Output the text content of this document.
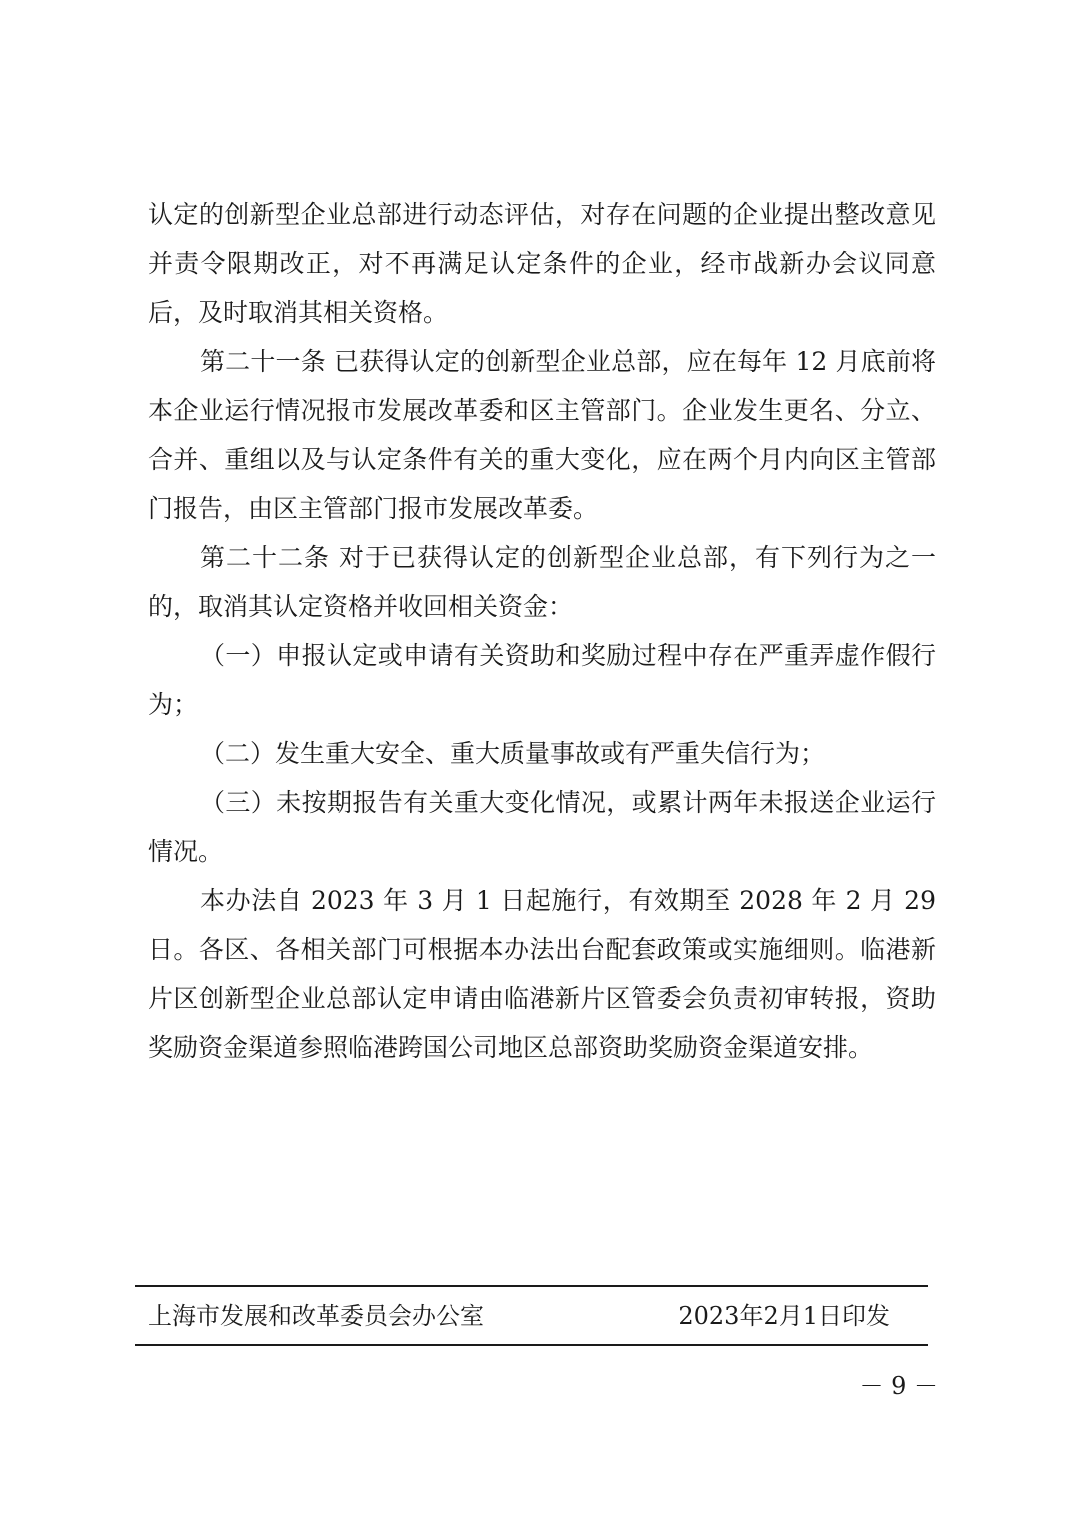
认定的创新型企业总部进行动态评估，对存在问题的企业提出整改意见并责令限期改正，对不再满足认定条件的企业，经市战新办会议同意后，及时取消其相关资格。

第二十一条 已获得认定的创新型企业总部，应在每年 12 月底前将本企业运行情况报市发展改革委和区主管部门。企业发生更名、分立、合并、重组以及与认定条件有关的重大变化，应在两个月内向区主管部门报告，由区主管部门报市发展改革委。

第二十二条 对于已获得认定的创新型企业总部，有下列行为之一的，取消其认定资格并收回相关资金：

（一）申报认定或申请有关资助和奖励过程中存在严重弄虚作假行为；

（二）发生重大安全、重大质量事故或有严重失信行为；

（三）未按期报告有关重大变化情况，或累计两年未报送企业运行情况。

本办法自 2023 年 3 月 1 日起施行，有效期至 2028 年 2 月 29 日。各区、各相关部门可根据本办法出台配套政策或实施细则。临港新片区创新型企业总部认定申请由临港新片区管委会负责初审转报，资助奖励资金渠道参照临港跨国公司地区总部资助奖励资金渠道安排。

上海市发展和改革委员会办公室	2023年2月1日印发
－ 9 －
